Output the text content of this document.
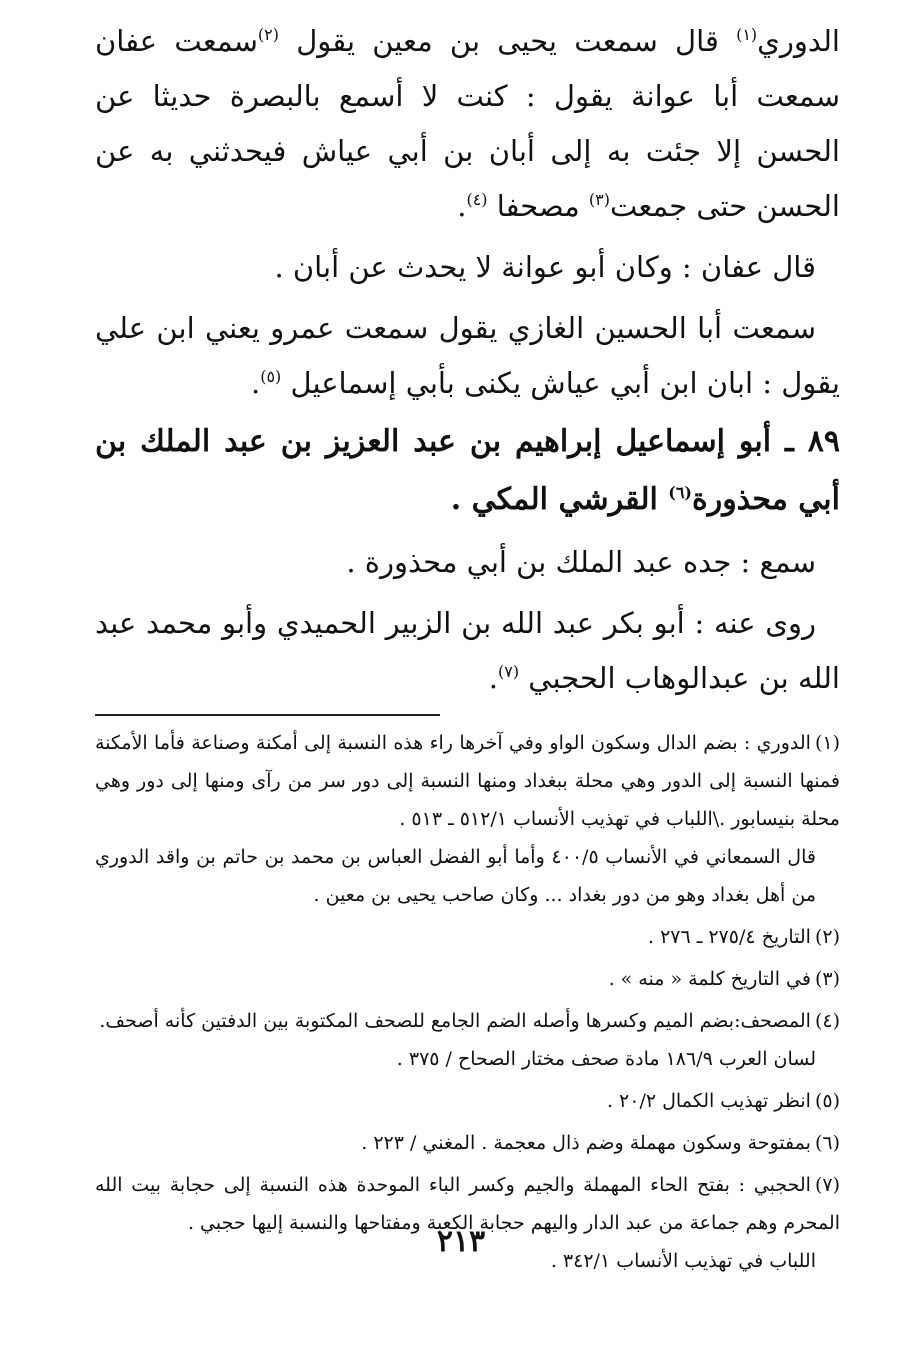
الدوري$^{(١)}$ قال سمعت يحيى بن معين يقول $^{(٢)}$سمعت عفان سمعت أبا عوانة يقول : كنت لا أسمع بالبصرة حديثا عن الحسن إلا جئت به إلى أبان بن أبي عياش فيحدثني به عن الحسن حتى جمعت$^{(٣)}$ مصحفا $^{(٤)}$.

قال عفان : وكان أبو عوانة لا يحدث عن أبان .

سمعت أبا الحسين الغازي يقول سمعت عمرو يعني ابن علي يقول : ابان ابن أبي عياش يكنى بأبي إسماعيل $^{(٥)}$.

٨٩ ـ أبو إسماعيل إبراهيم بن عبد العزيز بن عبد الملك بن أبي محذورة$^{(٦)}$ القرشي المكي .

سمع : جده عبد الملك بن أبي محذورة .

روى عنه : أبو بكر عبد الله بن الزبير الحميدي وأبو محمد عبد الله بن عبدالوهاب الحجبي $^{(٧)}$.

(١)الدوري : بضم الدال وسكون الواو وفي آخرها راء هذه النسبة إلى أمكنة وصناعة فأما الأمكنة فمنها النسبة إلى الدور وهي محلة ببغداد ومنها النسبة إلى دور سر من رآى ومنها إلى دور وهي محلة بنيسابور .\اللباب في تهذيب الأنساب ٥١٢/١ ـ ٥١٣ .

قال السمعاني في الأنساب ٤٠٠/٥ وأما أبو الفضل العباس بن محمد بن حاتم بن واقد الدوري من أهل بغداد وهو من دور بغداد ... وكان صاحب يحيى بن معين .

(٢)التاريخ ٢٧٥/٤ ـ ٢٧٦ .

(٣)في التاريخ كلمة « منه » .

(٤)المصحف:بضم الميم وكسرها وأصله الضم الجامع للصحف المكتوبة بين الدفتين كأنه أصحف.

لسان العرب ١٨٦/٩ مادة صحف مختار الصحاح / ٣٧٥ .

(٥)انظر تهذيب الكمال ٢٠/٢ .

(٦)بمفتوحة وسكون مهملة وضم ذال معجمة . المغني / ٢٢٣ .

(٧)الحجبي : بفتح الحاء المهملة والجيم وكسر الباء الموحدة هذه النسبة إلى حجابة بيت الله المحرم وهم جماعة من عبد الدار واليهم حجابة الكعبة ومفتاحها والنسبة إليها حجبي .

اللباب في تهذيب الأنساب ٣٤٢/١ .

٢١٣
